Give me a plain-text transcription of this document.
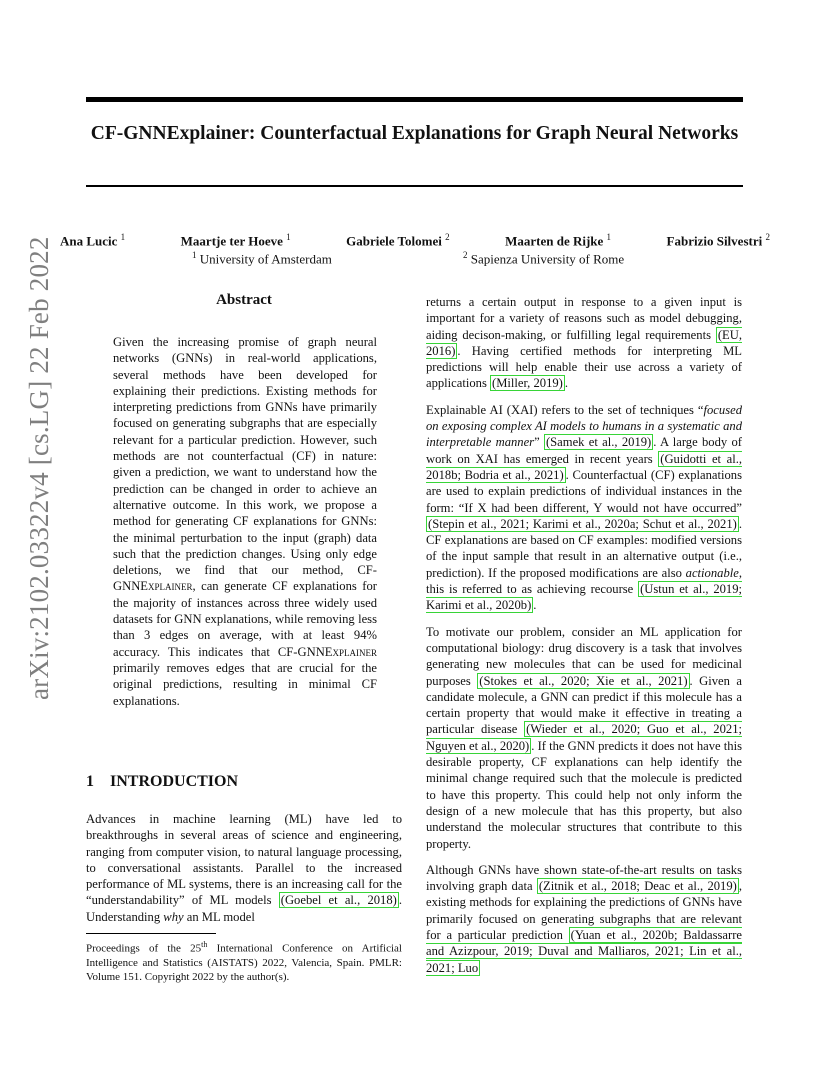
CF-GNNExplainer: Counterfactual Explanations for Graph Neural Networks
Ana Lucic $^1$	Maartje ter Hoeve $^1$	Gabriele Tolomei $^2$	Maarten de Rijke $^1$	Fabrizio Silvestri $^2$
$^1$ University of Amsterdam	$^2$ Sapienza University of Rome
arXiv:2102.03322v4 [cs.LG] 22 Feb 2022	Abstract
Given the increasing promise of graph neural networks (GNNs) in real-world applications, several methods have been developed for explaining their predictions. Existing methods for interpreting predictions from GNNs have primarily focused on generating subgraphs that are especially relevant for a particular prediction. However, such methods are not counterfactual (CF) in nature: given a prediction, we want to understand how the prediction can be changed in order to achieve an alternative outcome. In this work, we propose a method for generating CF explanations for GNNs: the minimal perturbation to the input (graph) data such that the prediction changes. Using only edge deletions, we find that our method, CF-GNNExplainer, can generate CF explanations for the majority of instances across three widely used datasets for GNN explanations, while removing less than 3 edges on average, with at least 94% accuracy. This indicates that CF-GNNExplainer primarily removes edges that are crucial for the original predictions, resulting in minimal CF explanations.
1 INTRODUCTION
Advances in machine learning (ML) have led to breakthroughs in several areas of science and engineering, ranging from computer vision, to natural language processing, to conversational assistants. Parallel to the increased performance of ML systems, there is an increasing call for the “understandability” of ML models (Goebel et al., 2018) . Understanding why an ML model
Proceedings of the 25th International Conference on Artificial Intelligence and Statistics (AISTATS) 2022, Valencia, Spain. PMLR: Volume 151. Copyright 2022 by the author(s).

returns a certain output in response to a given input is important for a variety of reasons such as model debugging, aiding decison-making, or fulfilling legal requirements (EU, 2016) . Having certified methods for interpreting ML predictions will help enable their use across a variety of applications (Miller, 2019) .

Explainable AI (XAI) refers to the set of techniques “focused on exposing complex AI models to humans in a systematic and interpretable manner” (Samek et al., 2019) . A large body of work on XAI has emerged in recent years (Guidotti et al., 2018b; Bodria et al., 2021) . Counterfactual (CF) explanations are used to explain predictions of individual instances in the form: “If X had been different, Y would not have occurred” (Stepin et al., 2021; Karimi et al., 2020a; Schut et al., 2021) . CF explanations are based on CF examples: modified versions of the input sample that result in an alternative output (i.e., prediction). If the proposed modifications are also actionable, this is referred to as achieving recourse (Ustun et al., 2019; Karimi et al., 2020b) .

To motivate our problem, consider an ML application for computational biology: drug discovery is a task that involves generating new molecules that can be used for medicinal purposes (Stokes et al., 2020; Xie et al., 2021) . Given a candidate molecule, a GNN can predict if this molecule has a certain property that would make it effective in treating a particular disease (Wieder et al., 2020; Guo et al., 2021; Nguyen et al., 2020) . If the GNN predicts it does not have this desirable property, CF explanations can help identify the minimal change required such that the molecule is predicted to have this property. This could help not only inform the design of a new molecule that has this property, but also understand the molecular structures that contribute to this property.

Although GNNs have shown state-of-the-art results on tasks involving graph data (Zitnik et al., 2018; Deac et al., 2019) , existing methods for explaining the predictions of GNNs have primarily focused on generating subgraphs that are relevant for a particular prediction (Yuan et al., 2020b; Baldassarre and Azizpour, 2019; Duval and Malliaros, 2021; Lin et al., 2021; Luo
